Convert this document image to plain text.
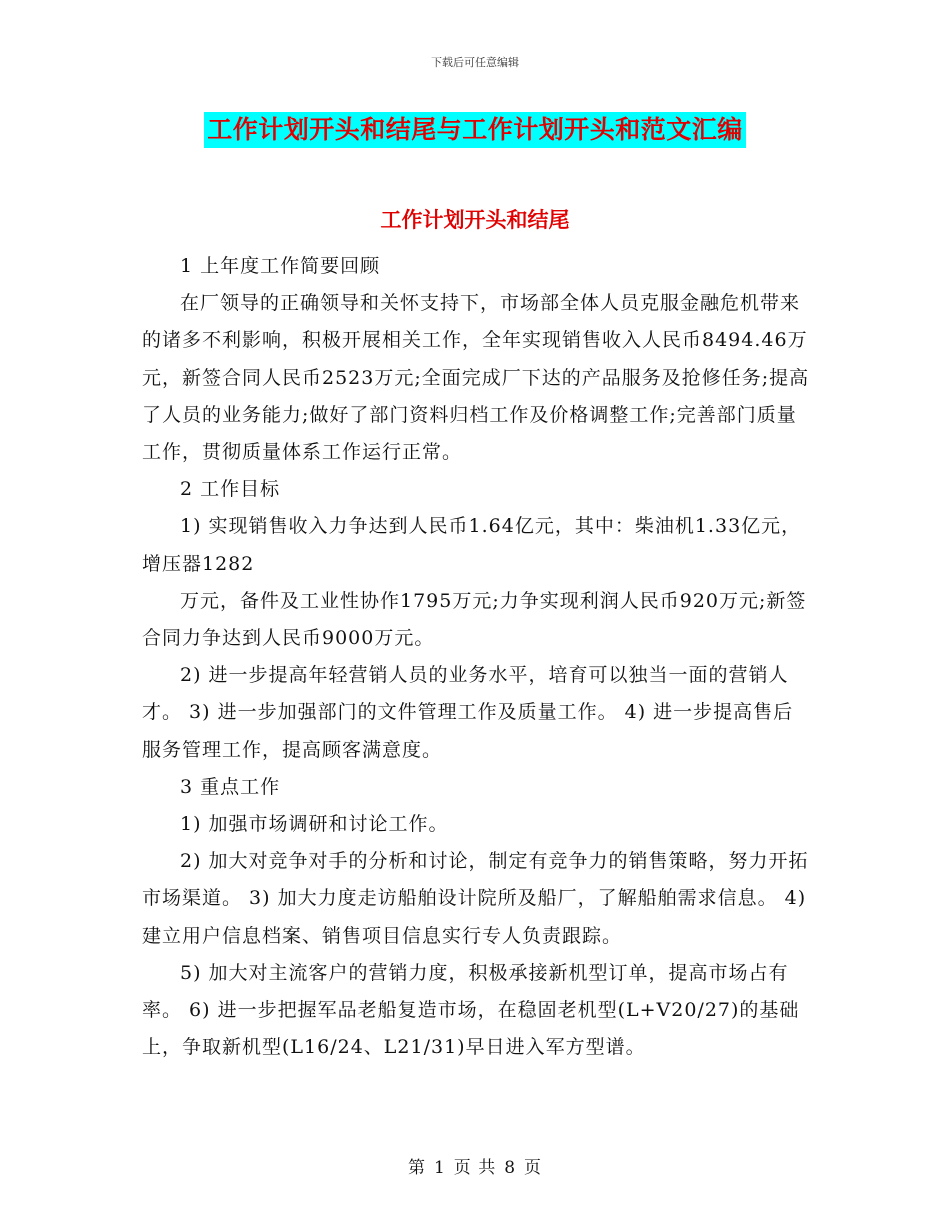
下载后可任意编辑
工作计划开头和结尾与工作计划开头和范文汇编
工作计划开头和结尾

1 上年度工作简要回顾

在厂领导的正确领导和关怀支持下，市场部全体人员克服金融危机带来的诸多不利影响，积极开展相关工作，全年实现销售收入人民币8494.46万元，新签合同人民币2523万元;全面完成厂下达的产品服务及抢修任务;提高了人员的业务能力;做好了部门资料归档工作及价格调整工作;完善部门质量工作，贯彻质量体系工作运行正常。

2 工作目标

1) 实现销售收入力争达到人民币1.64亿元，其中：柴油机1.33亿元，增压器1282

万元，备件及工业性协作1795万元;力争实现利润人民币920万元;新签合同力争达到人民币9000万元。

2) 进一步提高年轻营销人员的业务水平，培育可以独当一面的营销人才。 3) 进一步加强部门的文件管理工作及质量工作。 4) 进一步提高售后服务管理工作，提高顾客满意度。

3 重点工作

1) 加强市场调研和讨论工作。

2) 加大对竞争对手的分析和讨论，制定有竞争力的销售策略，努力开拓市场渠道。 3) 加大力度走访船舶设计院所及船厂，了解船舶需求信息。 4) 建立用户信息档案、销售项目信息实行专人负责跟踪。

5) 加大对主流客户的营销力度，积极承接新机型订单，提高市场占有率。 6) 进一步把握军品老船复造市场，在稳固老机型(L+V20/27)的基础上，争取新机型(L16/24、L21/31)早日进入军方型谱。

第 1 页 共 8 页
